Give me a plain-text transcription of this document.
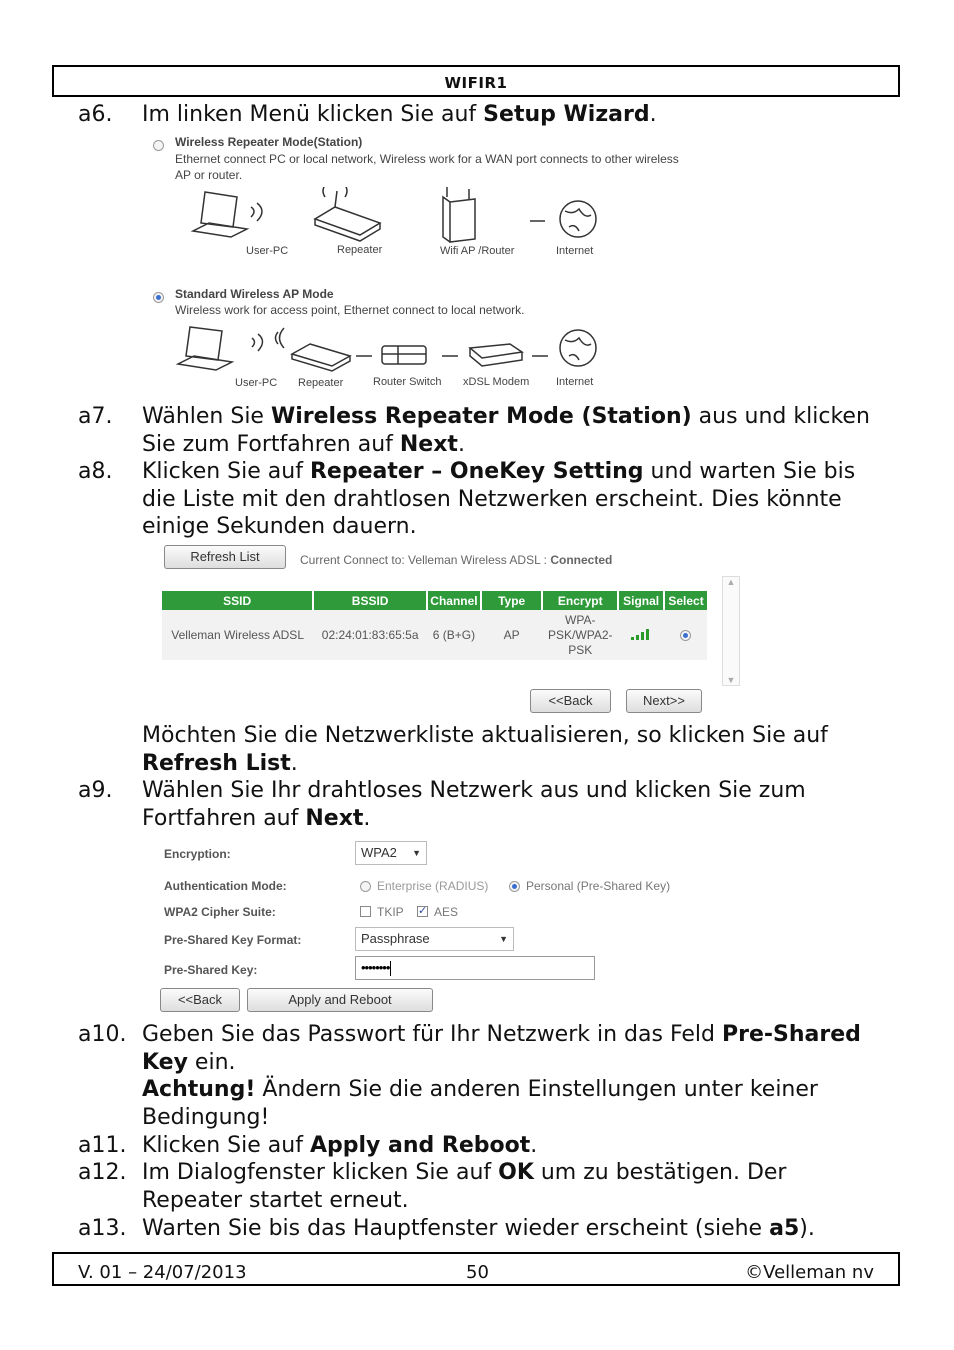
WIFIR1
a6. Im linken Menü klicken Sie auf Setup Wizard.
Wireless Repeater Mode(Station)
Ethernet connect PC or local network, Wireless work for a WAN port connects to other wireless AP or router.
User-PC	Repeater	Wifi AP /Router	Internet
Standard Wireless AP Mode
Wireless work for access point, Ethernet connect to local network.
User-PC Repeater	Router Switch xDSL Modem Internet
a7. Wählen Sie Wireless Repeater Mode (Station) aus und klicken Sie zum Fortfahren auf Next.
a8. Klicken Sie auf Repeater – OneKey Setting und warten Sie bis die Liste mit den drahtlosen Netzwerken erscheint. Dies könnte einige Sekunden dauern.
Refresh List	Current Connect to: Velleman Wireless ADSL : Connected
SSID	BSSID	Channel	Type	Encrypt	Signal	Select
Velleman Wireless ADSL	02:24:01:83:65:5a	6 (B+G)	AP	WPA-PSK/WPA2-PSK		
▲
▼
<<Back	Next>>
Möchten Sie die Netzwerkliste aktualisieren, so klicken Sie auf Refresh List.
a9. Wählen Sie Ihr drahtloses Netzwerk aus und klicken Sie zum Fortfahren auf Next.
Encryption:	WPA2 ▼
Authentication Mode:	Enterprise (RADIUS)	Personal (Pre-Shared Key)
WPA2 Cipher Suite:	TKIP ✓ AES
Pre-Shared Key Format:	Passphrase	▼
Pre-Shared Key:	••••••••
<<Back	Apply and Reboot
a10. Geben Sie das Passwort für Ihr Netzwerk in das Feld Pre-Shared Key ein.
Achtung! Ändern Sie die anderen Einstellungen unter keiner Bedingung!
a11. Klicken Sie auf Apply and Reboot.
a12. Im Dialogfenster klicken Sie auf OK um zu bestätigen. Der Repeater startet erneut.
a13. Warten Sie bis das Hauptfenster wieder erscheint (siehe a5).
V. 01 – 24/07/2013	50	©Velleman nv
